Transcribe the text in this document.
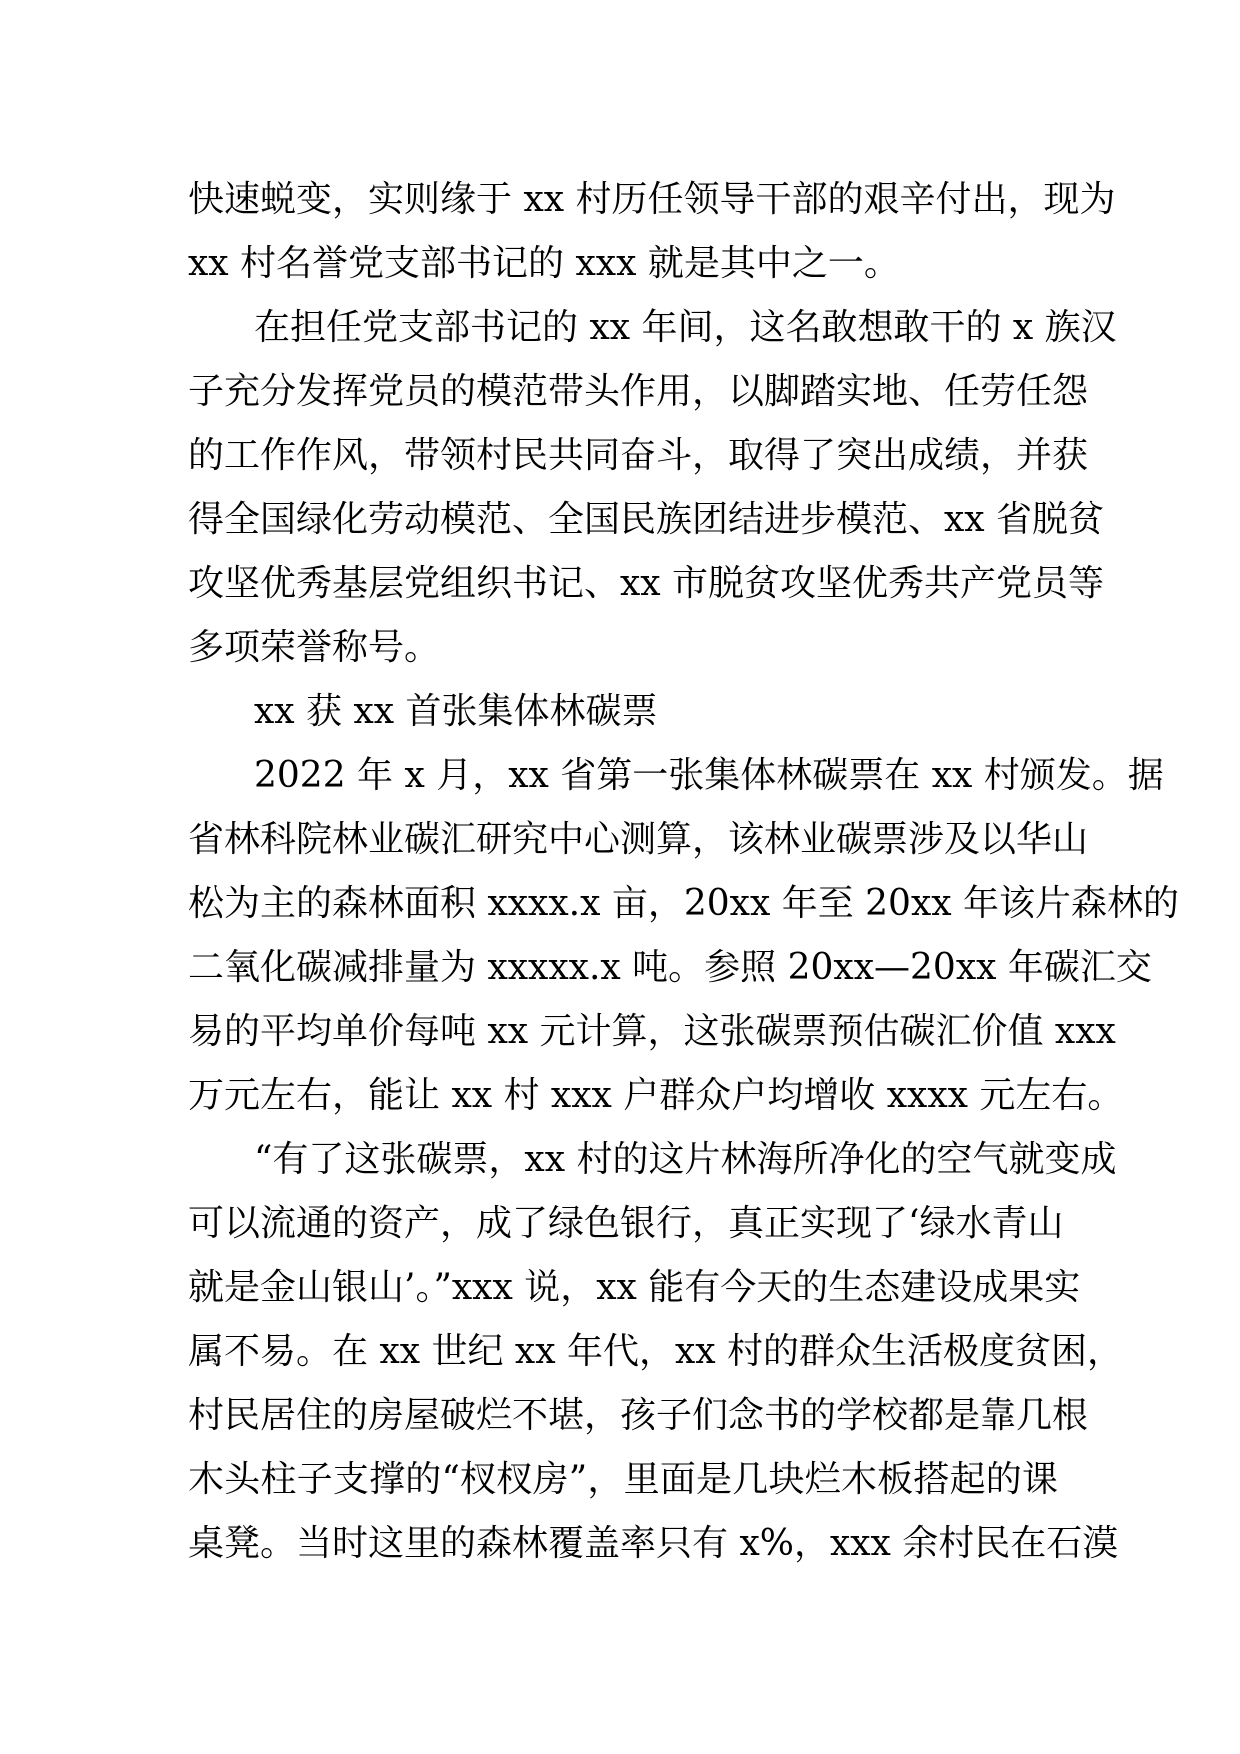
快速蜕变，实则缘于 xx 村历任领导干部的艰辛付出，现为
xx 村名誉党支部书记的 xxx 就是其中之一。
在担任党支部书记的 xx 年间，这名敢想敢干的 x 族汉
子充分发挥党员的模范带头作用，以脚踏实地、任劳任怨
的工作作风，带领村民共同奋斗，取得了突出成绩，并获
得全国绿化劳动模范、全国民族团结进步模范、xx 省脱贫
攻坚优秀基层党组织书记、xx 市脱贫攻坚优秀共产党员等
多项荣誉称号。
xx 获 xx 首张集体林碳票
2022 年 x 月，xx 省第一张集体林碳票在 xx 村颁发。据
省林科院林业碳汇研究中心测算，该林业碳票涉及以华山
松为主的森林面积 xxxx.x 亩，20xx 年至 20xx 年该片森林的
二氧化碳减排量为 xxxxx.x 吨。参照 20xx—20xx 年碳汇交
易的平均单价每吨 xx 元计算，这张碳票预估碳汇价值 xxx
万元左右，能让 xx 村 xxx 户群众户均增收 xxxx 元左右。
“有了这张碳票，xx 村的这片林海所净化的空气就变成
可以流通的资产，成了绿色银行，真正实现了‘绿水青山
就是金山银山’。”xxx 说，xx 能有今天的生态建设成果实
属不易。在 xx 世纪 xx 年代，xx 村的群众生活极度贫困，
村民居住的房屋破烂不堪，孩子们念书的学校都是靠几根
木头柱子支撑的“杈杈房”，里面是几块烂木板搭起的课
桌凳。当时这里的森林覆盖率只有 x%，xxx 余村民在石漠
